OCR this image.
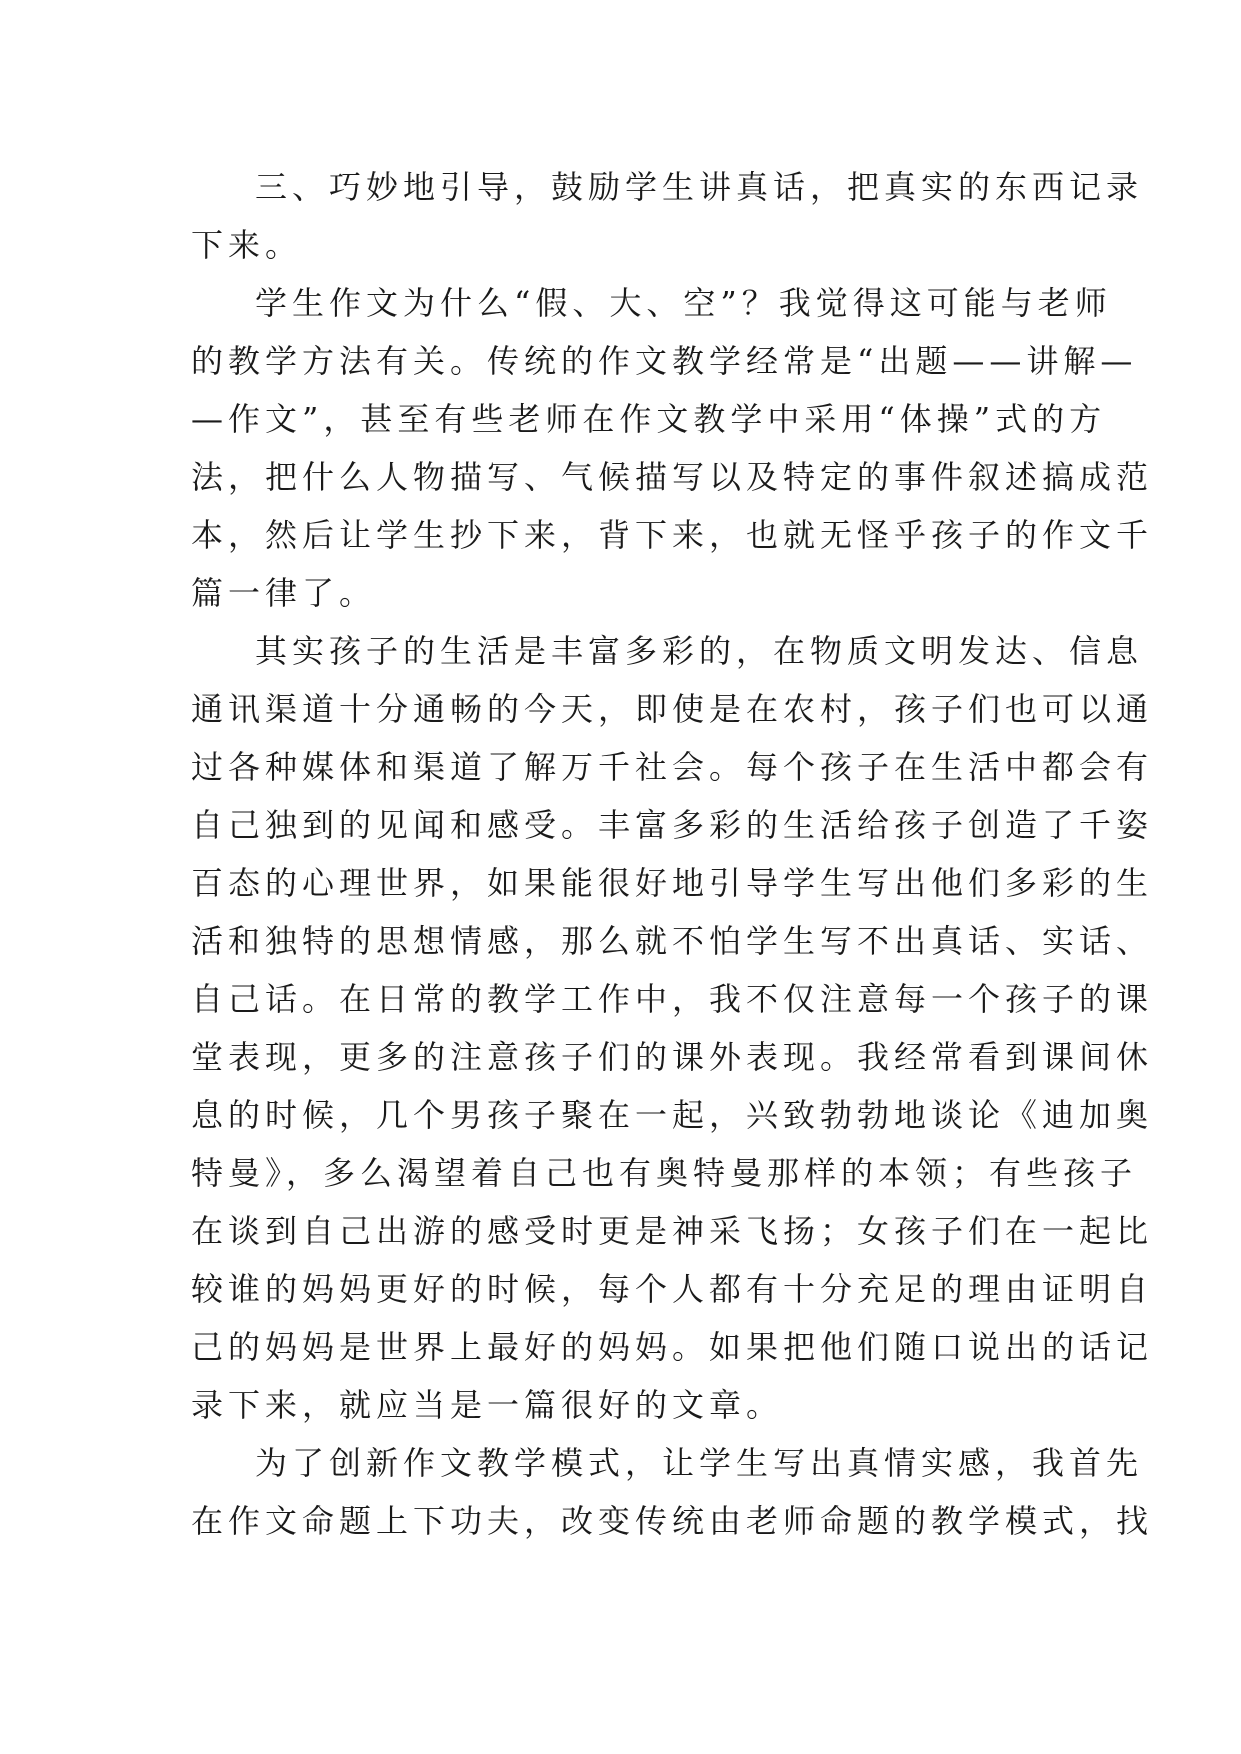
三、巧妙地引导，鼓励学生讲真话，把真实的东西记录
下来。
学生作文为什么“假、大、空”？我觉得这可能与老师
的教学方法有关。传统的作文教学经常是“出题——讲解—
—作文”，甚至有些老师在作文教学中采用“体操”式的方
法，把什么人物描写、气候描写以及特定的事件叙述搞成范
本，然后让学生抄下来，背下来，也就无怪乎孩子的作文千
篇一律了。
其实孩子的生活是丰富多彩的，在物质文明发达、信息
通讯渠道十分通畅的今天，即使是在农村，孩子们也可以通
过各种媒体和渠道了解万千社会。每个孩子在生活中都会有
自己独到的见闻和感受。丰富多彩的生活给孩子创造了千姿
百态的心理世界，如果能很好地引导学生写出他们多彩的生
活和独特的思想情感，那么就不怕学生写不出真话、实话、
自己话。在日常的教学工作中，我不仅注意每一个孩子的课
堂表现，更多的注意孩子们的课外表现。我经常看到课间休
息的时候，几个男孩子聚在一起，兴致勃勃地谈论《迪加奥
特曼》，多么渴望着自己也有奥特曼那样的本领；有些孩子
在谈到自己出游的感受时更是神采飞扬；女孩子们在一起比
较谁的妈妈更好的时候，每个人都有十分充足的理由证明自
己的妈妈是世界上最好的妈妈。如果把他们随口说出的话记
录下来，就应当是一篇很好的文章。
为了创新作文教学模式，让学生写出真情实感，我首先
在作文命题上下功夫，改变传统由老师命题的教学模式，找
